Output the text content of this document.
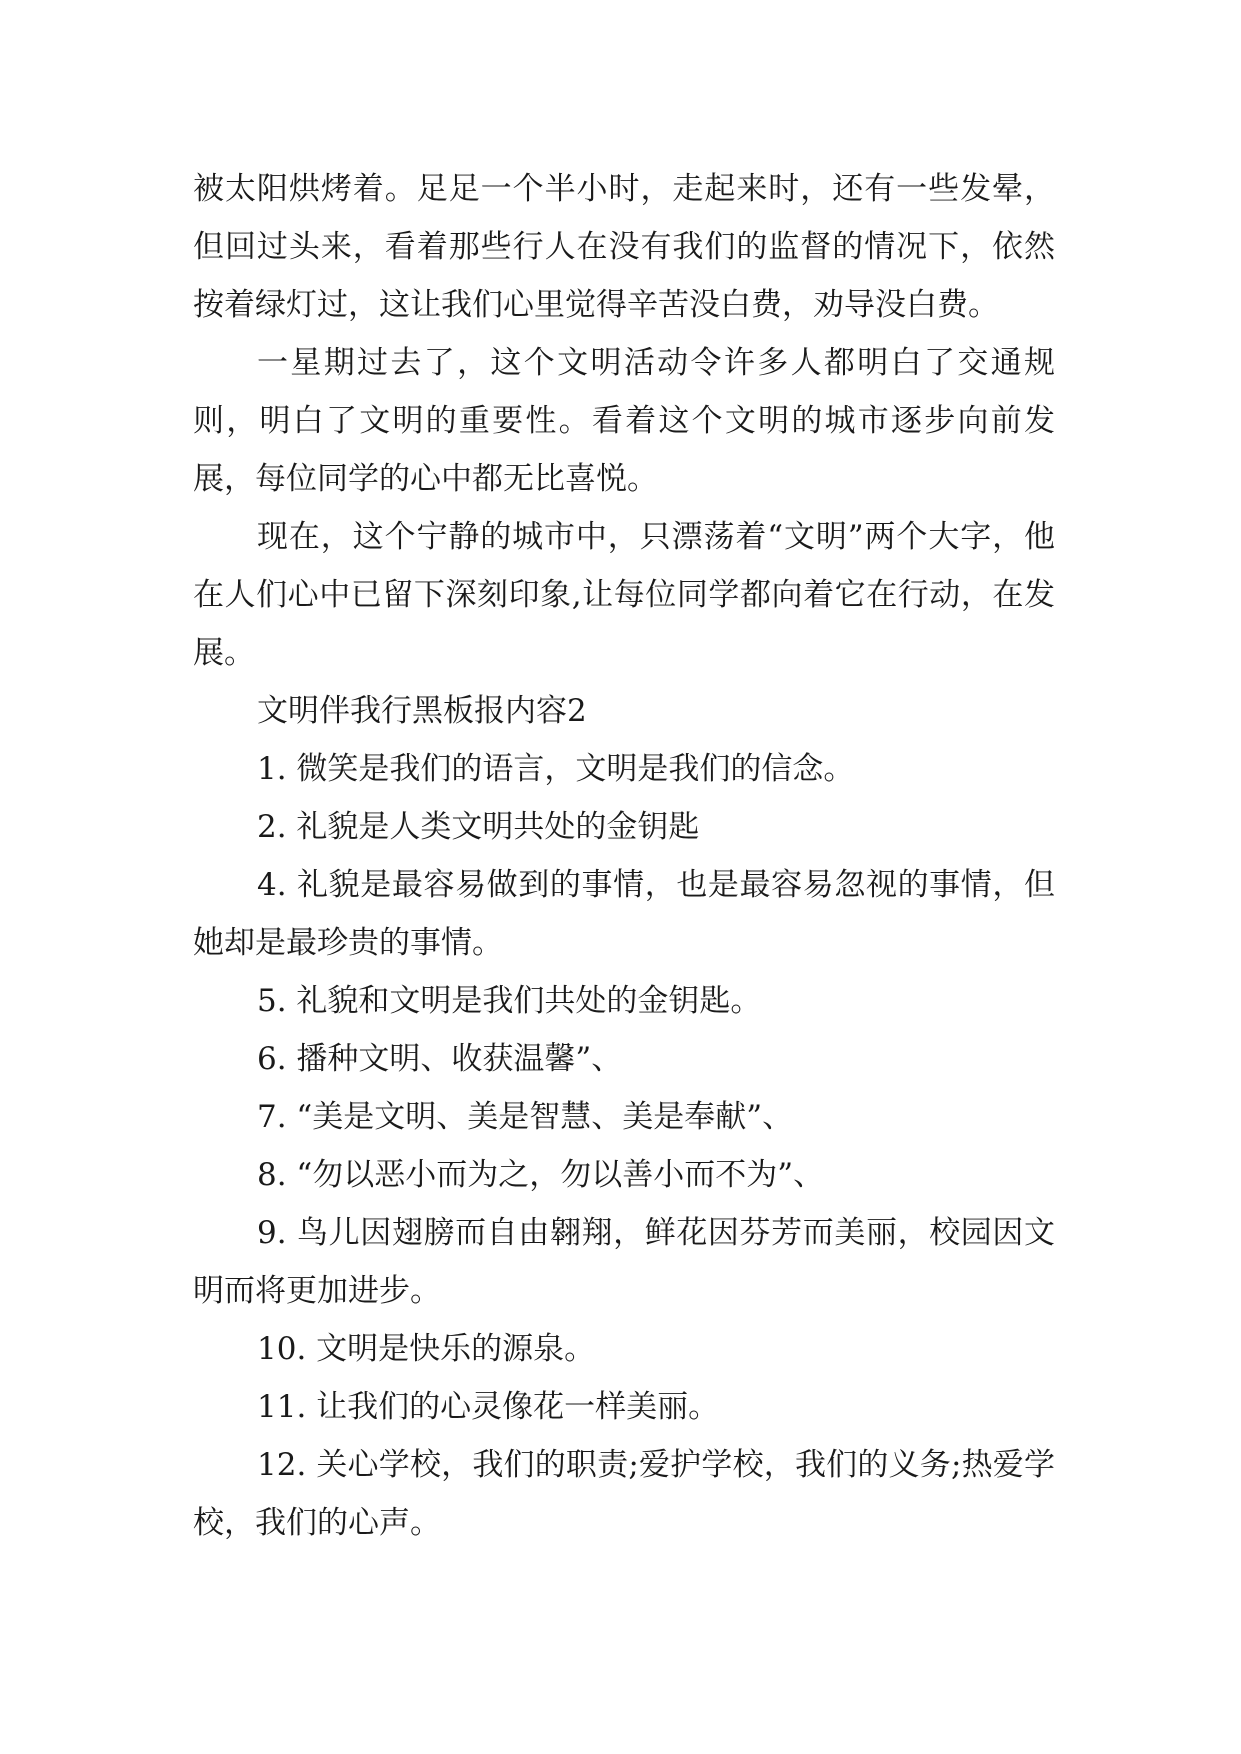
被太阳烘烤着。足足一个半小时，走起来时，还有一些发晕，但回过头来，看着那些行人在没有我们的监督的情况下，依然按着绿灯过，这让我们心里觉得辛苦没白费，劝导没白费。

一星期过去了，这个文明活动令许多人都明白了交通规则，明白了文明的重要性。看着这个文明的城市逐步向前发展，每位同学的心中都无比喜悦。

现在，这个宁静的城市中，只漂荡着“文明”两个大字，他在人们心中已留下深刻印象,让每位同学都向着它在行动，在发展。

文明伴我行黑板报内容2

1. 微笑是我们的语言，文明是我们的信念。

2. 礼貌是人类文明共处的金钥匙

4. 礼貌是最容易做到的事情，也是最容易忽视的事情，但她却是最珍贵的事情。

5. 礼貌和文明是我们共处的金钥匙。

6. 播种文明、收获温馨”、

7. “美是文明、美是智慧、美是奉献”、

8. “勿以恶小而为之，勿以善小而不为”、

9. 鸟儿因翅膀而自由翱翔，鲜花因芬芳而美丽，校园因文明而将更加进步。

10. 文明是快乐的源泉。

11. 让我们的心灵像花一样美丽。

12. 关心学校，我们的职责;爱护学校，我们的义务;热爱学校，我们的心声。
